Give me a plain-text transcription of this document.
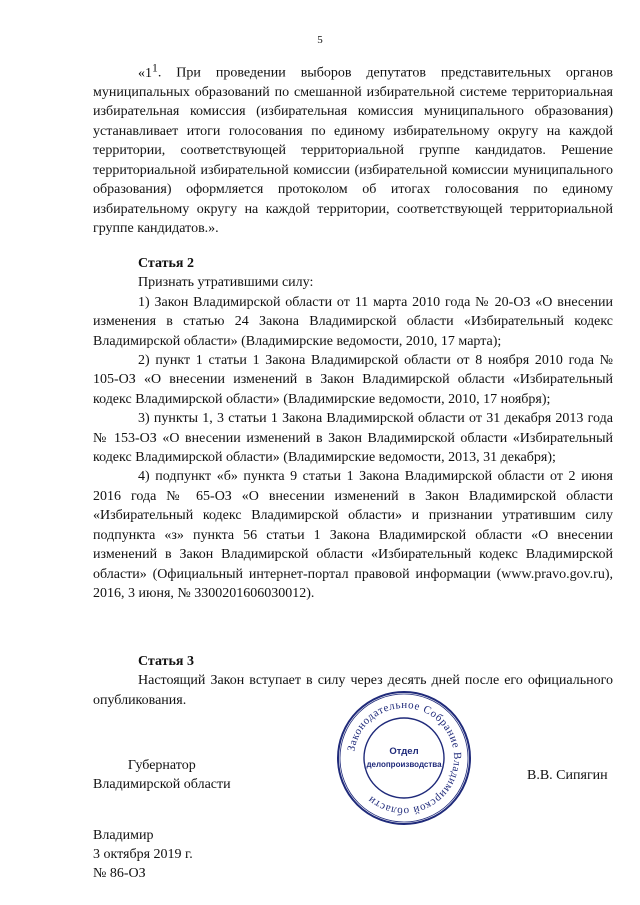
5

«$1^1$. При проведении выборов депутатов представительных органов муниципальных образований по смешанной избирательной системе территориальная избирательная комиссия (избирательная комиссия муниципального образования) устанавливает итоги голосования по единому избирательному округу на каждой территории, соответствующей территориальной группе кандидатов. Решение территориальной избирательной комиссии (избирательной комиссии муниципального образования) оформляется протоколом об итогах голосования по единому избирательному округу на каждой территории, соответствующей территориальной группе кандидатов.».

Статья 2

Признать утратившими силу:

1) Закон Владимирской области от 11 марта 2010 года № 20-ОЗ «О внесении изменения в статью 24 Закона Владимирской области «Избирательный кодекс Владимирской области» (Владимирские ведомости, 2010, 17 марта);

2) пункт 1 статьи 1 Закона Владимирской области от 8 ноября 2010 года № 105-ОЗ «О внесении изменений в Закон Владимирской области «Избирательный кодекс Владимирской области» (Владимирские ведомости, 2010, 17 ноября);

3) пункты 1, 3 статьи 1 Закона Владимирской области от 31 декабря 2013 года № 153-ОЗ «О внесении изменений в Закон Владимирской области «Избирательный кодекс Владимирской области» (Владимирские ведомости, 2013, 31 декабря);

4) подпункт «б» пункта 9 статьи 1 Закона Владимирской области от 2 июня 2016 года № 65-ОЗ «О внесении изменений в Закон Владимирской области «Избирательный кодекс Владимирской области» и признании утратившим силу подпункта «з» пункта 56 статьи 1 Закона Владимирской области «О внесении изменений в Закон Владимирской области «Избирательный кодекс Владимирской области» (Официальный интернет-портал правовой информации (www.pravo.gov.ru), 2016, 3 июня, № 3300201606030012).

Статья 3

Настоящий Закон вступает в силу через десять дней после его официального опубликования.

Губернатор
Владимирской области
Законодательное Собрание Владимирской области
Отдел
делопроизводства
В.В. Сипягин
Владимир
3 октября 2019 г.
№ 86-ОЗ
